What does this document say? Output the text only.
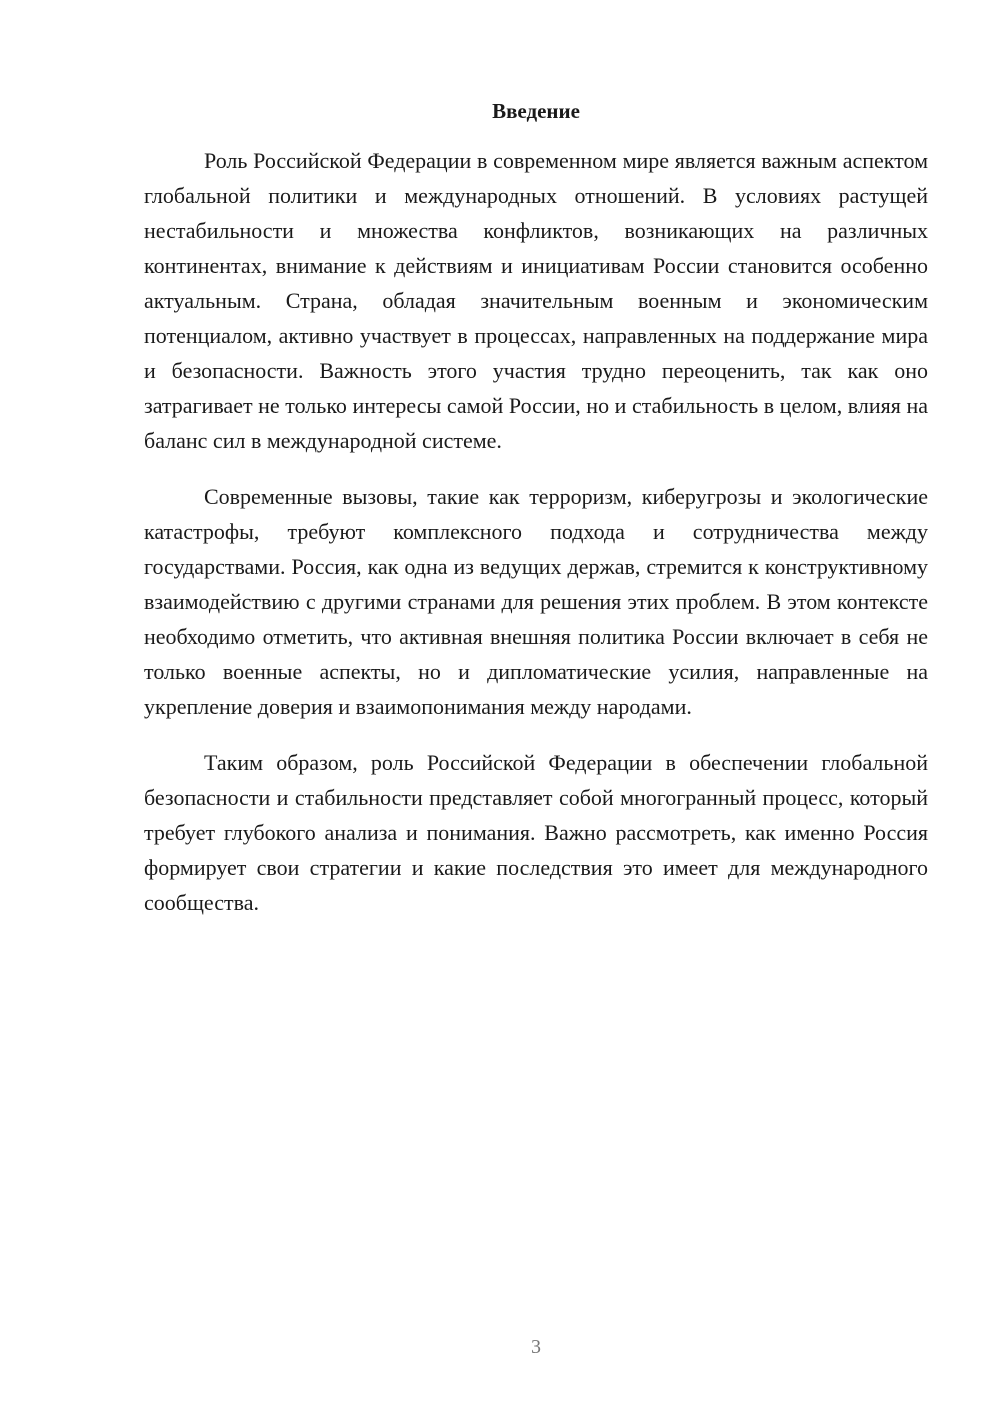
Введение

Роль Российской Федерации в современном мире является важным аспектом глобальной политики и международных отношений. В условиях растущей нестабильности и множества конфликтов, возникающих на различных континентах, внимание к действиям и инициативам России становится особенно актуальным. Страна, обладая значительным военным и экономическим потенциалом, активно участвует в процессах, направленных на поддержание мира и безопасности. Важность этого участия трудно переоценить, так как оно затрагивает не только интересы самой России, но и стабильность в целом, влияя на баланс сил в международной системе.

Современные вызовы, такие как терроризм, киберугрозы и экологические катастрофы, требуют комплексного подхода и сотрудничества между государствами. Россия, как одна из ведущих держав, стремится к конструктивному взаимодействию с другими странами для решения этих проблем. В этом контексте необходимо отметить, что активная внешняя политика России включает в себя не только военные аспекты, но и дипломатические усилия, направленные на укрепление доверия и взаимопонимания между народами.

Таким образом, роль Российской Федерации в обеспечении глобальной безопасности и стабильности представляет собой многогранный процесс, который требует глубокого анализа и понимания. Важно рассмотреть, как именно Россия формирует свои стратегии и какие последствия это имеет для международного сообщества.

3
